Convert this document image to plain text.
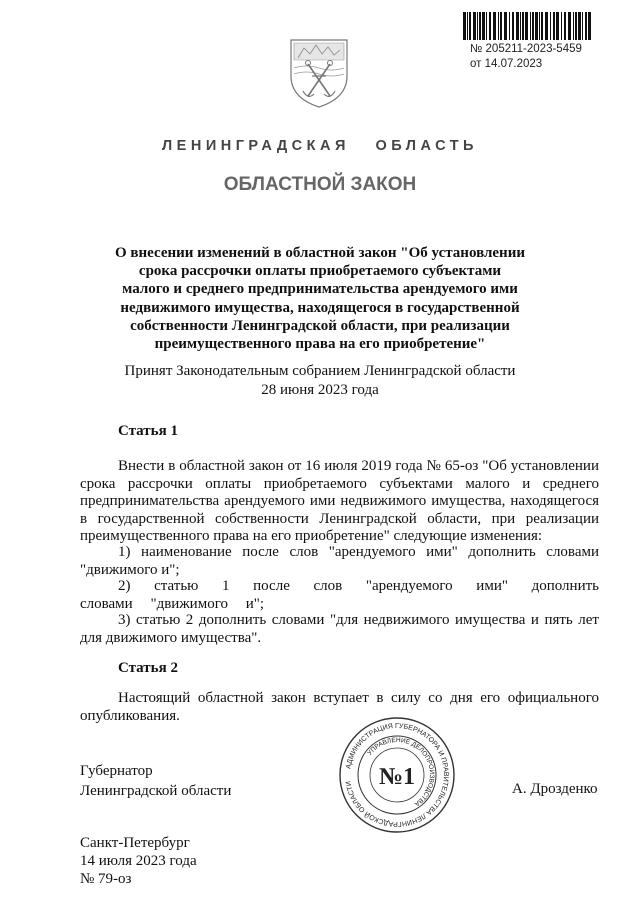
№ 205211-2023-5459
от 14.07.2023
ЛЕНИНГРАДСКАЯ   ОБЛАСТЬ
ОБЛАСТНОЙ ЗАКОН
О внесении изменений в областной закон "Об установлении
срока рассрочки оплаты приобретаемого субъектами
малого и среднего предпринимательства арендуемого ими
недвижимого имущества, находящегося в государственной
собственности Ленинградской области, при реализации
преимущественного права на его приобретение"
Принят Законодательным собранием Ленинградской области
28 июня 2023 года
Статья 1
Внести в областной закон от 16 июля 2019 года № 65-оз "Об установлении срока рассрочки оплаты приобретаемого субъектами малого и среднего предпринимательства арендуемого ими недвижимого имущества, находящегося в государственной собственности Ленинградской области, при реализации преимущественного права на его приобретение" следующие изменения:
1) наименование после слов "арендуемого ими" дополнить словами "движимого и";
2) статью 1 после слов "арендуемого ими" дополнить словами "движимого и";
3) статью 2 дополнить словами "для недвижимого имущества и пять лет для движимого имущества".
Статья 2
Настоящий областной закон вступает в силу со дня его официального опубликования.
Губернатор
Ленинградской области	А. Дрозденко
АДМИНИСТРАЦИЯ ГУБЕРНАТОРА И ПРАВИТЕЛЬСТВА ЛЕНИНГРАДСКОЙ ОБЛАСТИ
УПРАВЛЕНИЕ ДЕЛОПРОИЗВОДСТВА
№1
Санкт-Петербург
14 июля 2023 года
№ 79-оз
